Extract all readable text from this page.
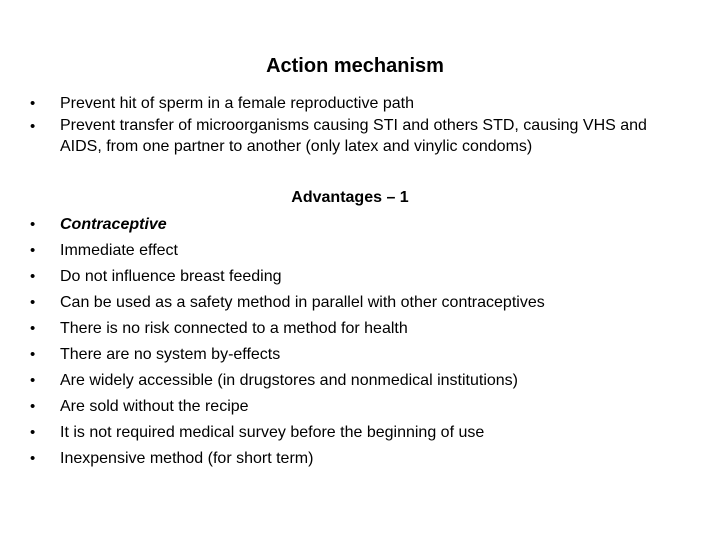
Action mechanism
• Prevent hit of sperm in a female reproductive path
• Prevent transfer of microorganisms causing STI and others STD, causing VHS and AIDS, from one partner to another (only latex and vinylic condoms)
Advantages – 1
• Contraceptive
• Immediate effect
• Do not influence breast feeding
• Can be used as a safety method in parallel with other contraceptives
• There is no risk connected to a method for health
• There are no system by-effects
• Are widely accessible (in drugstores and nonmedical institutions)
• Are sold without the recipe
• It is not required medical survey before the beginning of use
• Inexpensive method (for short term)
